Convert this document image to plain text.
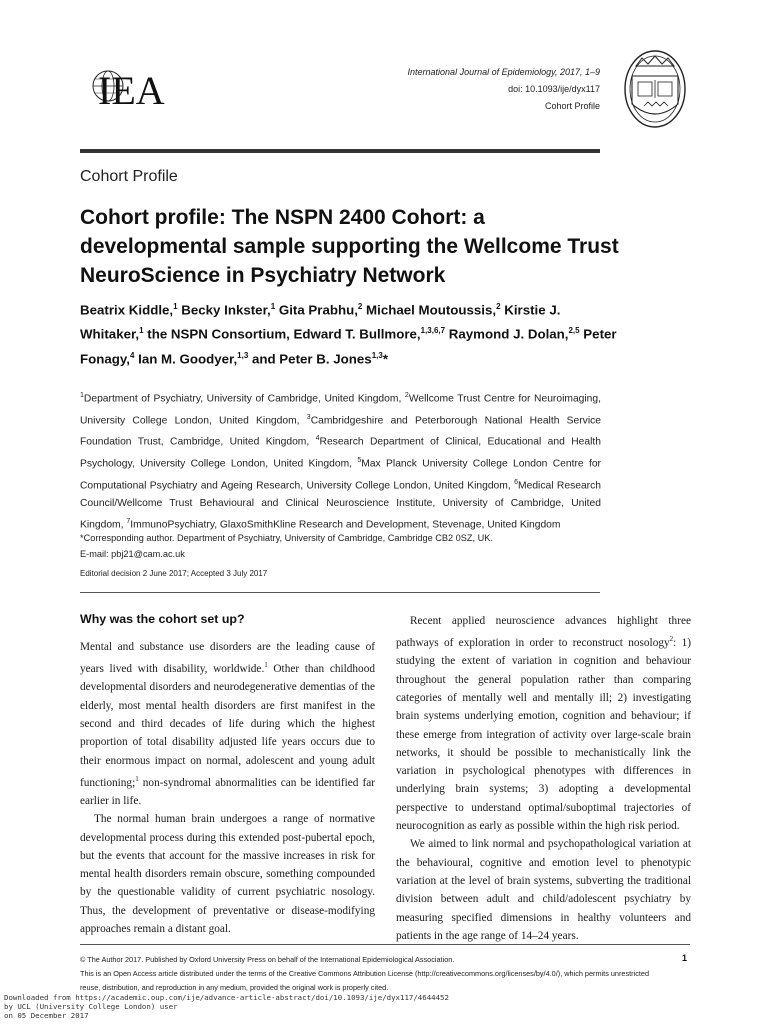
IEA	International Journal of Epidemiology, 2017, 1–9
doi: 10.1093/ije/dyx117
Cohort Profile
Cohort Profile
Cohort profile: The NSPN 2400 Cohort: a developmental sample supporting the Wellcome Trust NeuroScience in Psychiatry Network
Beatrix Kiddle,$^1$ Becky Inkster,$^1$ Gita Prabhu,$^2$ Michael Moutoussis,$^2$ Kirstie J. Whitaker,$^1$ the NSPN Consortium, Edward T. Bullmore,$^{1,3,6,7}$ Raymond J. Dolan,$^{2,5}$ Peter Fonagy,$^4$ Ian M. Goodyer,$^{1,3}$ and Peter B. Jones$^{1,3}$*
$^1$Department of Psychiatry, University of Cambridge, United Kingdom, $^2$Wellcome Trust Centre for Neuroimaging, University College London, United Kingdom, $^3$Cambridgeshire and Peterborough National Health Service Foundation Trust, Cambridge, United Kingdom, $^4$Research Department of Clinical, Educational and Health Psychology, University College London, United Kingdom, $^5$Max Planck University College London Centre for Computational Psychiatry and Ageing Research, University College London, United Kingdom, $^6$Medical Research Council/Wellcome Trust Behavioural and Clinical Neuroscience Institute, University of Cambridge, United Kingdom, $^7$ImmunoPsychiatry, GlaxoSmithKline Research and Development, Stevenage, United Kingdom
*Corresponding author. Department of Psychiatry, University of Cambridge, Cambridge CB2 0SZ, UK.
E-mail: pbj21@cam.ac.uk
Editorial decision 2 June 2017; Accepted 3 July 2017
Why was the cohort set up?

Mental and substance use disorders are the leading cause of years lived with disability, worldwide.$^1$ Other than childhood developmental disorders and neurodegenerative dementias of the elderly, most mental health disorders are first manifest in the second and third decades of life during which the highest proportion of total disability adjusted life years occurs due to their enormous impact on normal, adolescent and young adult functioning;$^1$ non-syndromal abnormalities can be identified far earlier in life.

The normal human brain undergoes a range of normative developmental process during this extended post-pubertal epoch, but the events that account for the massive increases in risk for mental health disorders remain obscure, something compounded by the questionable validity of current psychiatric nosology. Thus, the development of preventative or disease-modifying approaches remain a distant goal.

Recent applied neuroscience advances highlight three pathways of exploration in order to reconstruct nosology$^2$: 1) studying the extent of variation in cognition and behaviour throughout the general population rather than comparing categories of mentally well and mentally ill; 2) investigating brain systems underlying emotion, cognition and behaviour; if these emerge from integration of activity over large-scale brain networks, it should be possible to mechanistically link the variation in psychological phenotypes with differences in underlying brain systems; 3) adopting a developmental perspective to understand optimal/suboptimal trajectories of neurocognition as early as possible within the high risk period.

We aimed to link normal and psychopathological variation at the behavioural, cognitive and emotion level to phenotypic variation at the level of brain systems, subverting the traditional division between adult and child/adolescent psychiatry by measuring specified dimensions in healthy volunteers and patients in the age range of 14–24 years.

© The Author 2017. Published by Oxford University Press on behalf of the International Epidemiological Association.
This is an Open Access article distributed under the terms of the Creative Commons Attribution License (http://creativecommons.org/licenses/by/4.0/), which permits unrestricted reuse, distribution, and reproduction in any medium, provided the original work is properly cited.
1
Downloaded from https://academic.oup.com/ije/advance-article-abstract/doi/10.1093/ije/dyx117/4644452
by UCL (University College London) user
on 05 December 2017
